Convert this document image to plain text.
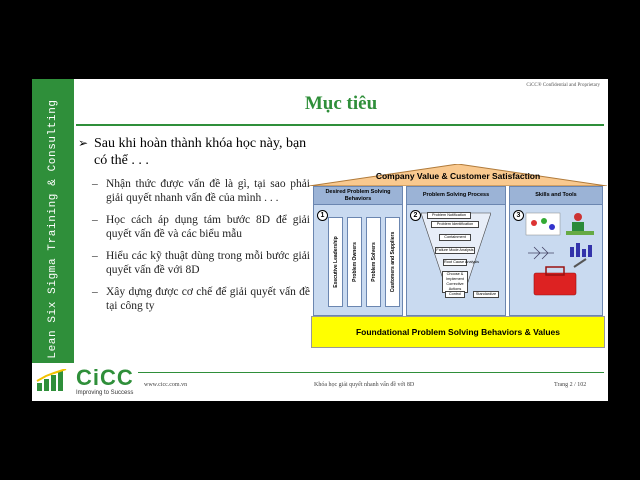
Lean Six Sigma Training & Consulting
CiCC
Improving to Success
CiCC® Confidential and Proprietary
Mục tiêu
➢ Sau khi hoàn thành khóa học này, bạn có thể . . .
– Nhận thức được vấn đề là gì, tại sao phải giải quyết nhanh vấn đề của mình . . .
– Học cách áp dụng tám bước 8D để giải quyết vấn đề và các biểu mẫu
– Hiểu các kỹ thuật dùng trong mỗi bước giải quyết vấn đề với 8D
– Xây dựng được cơ chế để giải quyết vấn đề tại công ty
Company Value & Customer Satisfaction
Desired Problem Solving Behaviors
1
Executive Leadership	Problem Owners	Problem Solvers	Customers and Suppliers
Problem Solving Process
2	Problem Notification
Problem Identification
Containment
Failure Mode Analysis
Root Cause Analysis
Choose & Implement Corrective Actions
Control	Standardize
Skills and Tools
3
Foundational Problem Solving Behaviors & Values
www.cicc.com.vn	Khóa học giải quyết nhanh vấn đề với 8D	Trang 2 / 102
